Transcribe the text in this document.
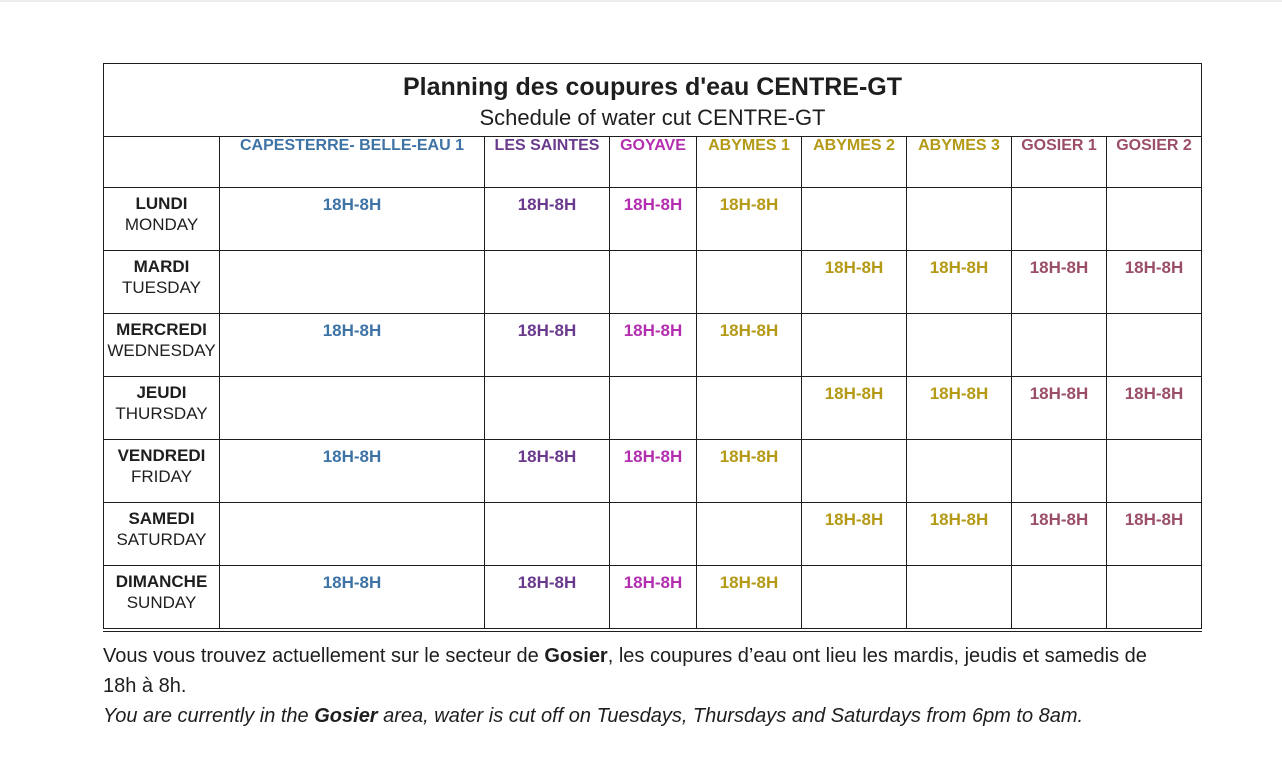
Planning des coupures d'eau CENTRE-GT
Schedule of water cut CENTRE-GT								

	CAPESTERRE- BELLE-EAU 1	LES SAINTES	GOYAVE	ABYMES 1	ABYMES 2	ABYMES 3	GOSIER 1	GOSIER 2

LUNDI
MONDAY	18H-8H	18H-8H	18H-8H	18H-8H				

MARDI
TUESDAY					18H-8H	18H-8H	18H-8H	18H-8H

MERCREDI
WEDNESDAY	18H-8H	18H-8H	18H-8H	18H-8H				

JEUDI
THURSDAY					18H-8H	18H-8H	18H-8H	18H-8H

VENDREDI
FRIDAY	18H-8H	18H-8H	18H-8H	18H-8H				

SAMEDI
SATURDAY					18H-8H	18H-8H	18H-8H	18H-8H

DIMANCHE
SUNDAY	18H-8H	18H-8H	18H-8H	18H-8H				

Vous vous trouvez actuellement sur le secteur de Gosier, les coupures d’eau ont lieu les mardis, jeudis et samedis de 18h à 8h.

You are currently in the Gosier area, water is cut off on Tuesdays, Thursdays and Saturdays from 6pm to 8am.
